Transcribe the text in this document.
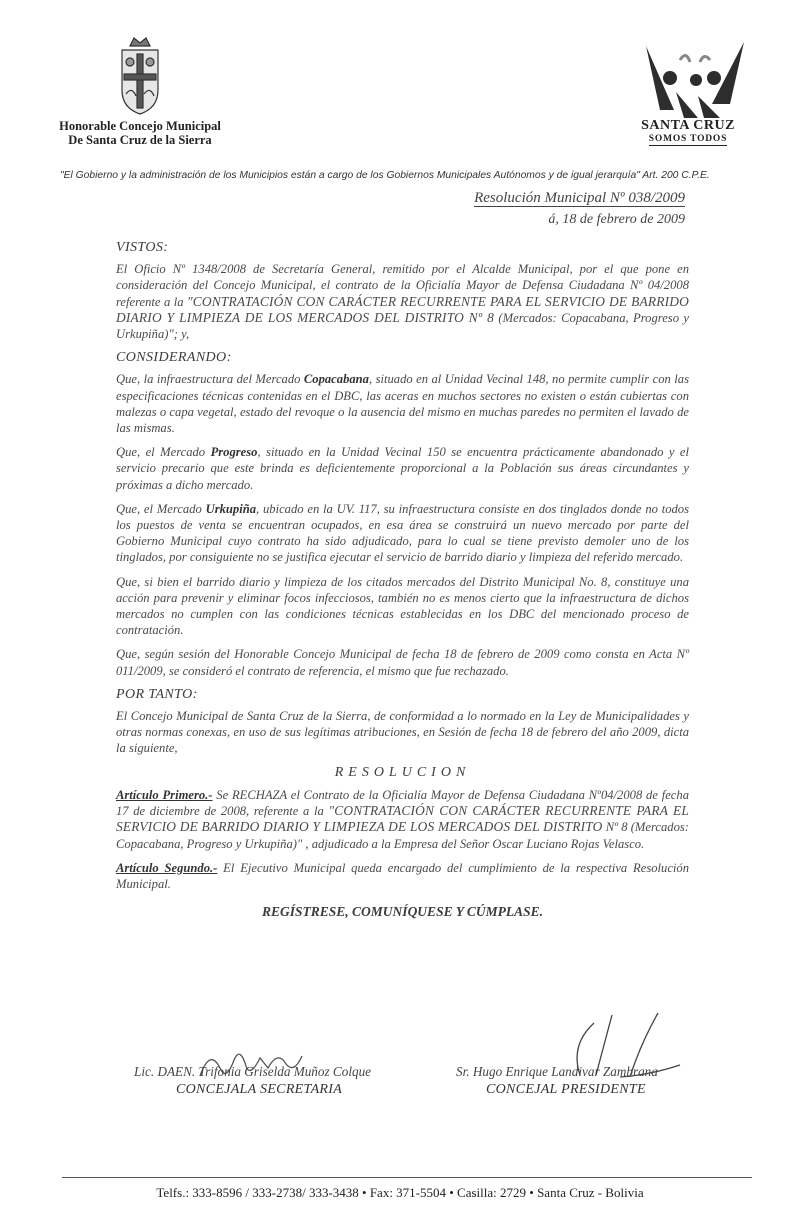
Honorable Concejo Municipal
De Santa Cruz de la Sierra
SANTA CRUZ
SOMOS TODOS
"El Gobierno y la administración de los Municipios están a cargo de los Gobiernos Municipales Autónomos y de igual jerarquía" Art. 200 C.P.E.
Resolución Municipal Nº 038/2009
á, 18 de febrero de 2009

VISTOS:

El Oficio Nº 1348/2008 de Secretaría General, remitido por el Alcalde Municipal, por el que pone en consideración del Concejo Municipal, el contrato de la Oficialía Mayor de Defensa Ciudadana Nº 04/2008 referente a la "CONTRATACIÓN CON CARÁCTER RECURRENTE PARA EL SERVICIO DE BARRIDO DIARIO Y LIMPIEZA DE LOS MERCADOS DEL DISTRITO Nº 8 (Mercados: Copacabana, Progreso y Urkupiña)"; y,

CONSIDERANDO:

Que, la infraestructura del Mercado Copacabana, situado en al Unidad Vecinal 148, no permite cumplir con las especificaciones técnicas contenidas en el DBC, las aceras en muchos sectores no existen o están cubiertas con malezas o capa vegetal, estado del revoque o la ausencia del mismo en muchas paredes no permiten el lavado de las mismas.

Que, el Mercado Progreso, situado en la Unidad Vecinal 150 se encuentra prácticamente abandonado y el servicio precario que este brinda es deficientemente proporcional a la Población sus áreas circundantes y próximas a dicho mercado.

Que, el Mercado Urkupiña, ubicado en la UV. 117, su infraestructura consiste en dos tinglados donde no todos los puestos de venta se encuentran ocupados, en esa área se construirá un nuevo mercado por parte del Gobierno Municipal cuyo contrato ha sido adjudicado, para lo cual se tiene previsto demoler uno de los tinglados, por consiguiente no se justifica ejecutar el servicio de barrido diario y limpieza del referido mercado.

Que, si bien el barrido diario y limpieza de los citados mercados del Distrito Municipal No. 8, constituye una acción para prevenir y eliminar focos infecciosos, también no es menos cierto que la infraestructura de dichos mercados no cumplen con las condiciones técnicas establecidas en los DBC del mencionado proceso de contratación.

Que, según sesión del Honorable Concejo Municipal de fecha 18 de febrero de 2009 como consta en Acta Nº 011/2009, se consideró el contrato de referencia, el mismo que fue rechazado.

POR TANTO:

El Concejo Municipal de Santa Cruz de la Sierra, de conformidad a lo normado en la Ley de Municipalidades y otras normas conexas, en uso de sus legítimas atribuciones, en Sesión de fecha 18 de febrero del año 2009, dicta la siguiente,

RESOLUCION

Artículo Primero.- Se RECHAZA el Contrato de la Oficialía Mayor de Defensa Ciudadana Nº04/2008 de fecha 17 de diciembre de 2008, referente a la "CONTRATACIÓN CON CARÁCTER RECURRENTE PARA EL SERVICIO DE BARRIDO DIARIO Y LIMPIEZA DE LOS MERCADOS DEL DISTRITO Nº 8 (Mercados: Copacabana, Progreso y Urkupiña)" , adjudicado a la Empresa del Señor Oscar Luciano Rojas Velasco.

Artículo Segundo.- El Ejecutivo Municipal queda encargado del cumplimiento de la respectiva Resolución Municipal.

REGÍSTRESE, COMUNÍQUESE Y CÚMPLASE.

Lic. DAEN. Trifonia Griselda Muñoz Colque
CONCEJALA SECRETARIA
Sr. Hugo Enrique Landivar Zambrana
CONCEJAL PRESIDENTE
Telfs.: 333-8596 / 333-2738/ 333-3438 • Fax: 371-5504 • Casilla: 2729 • Santa Cruz - Bolivia
